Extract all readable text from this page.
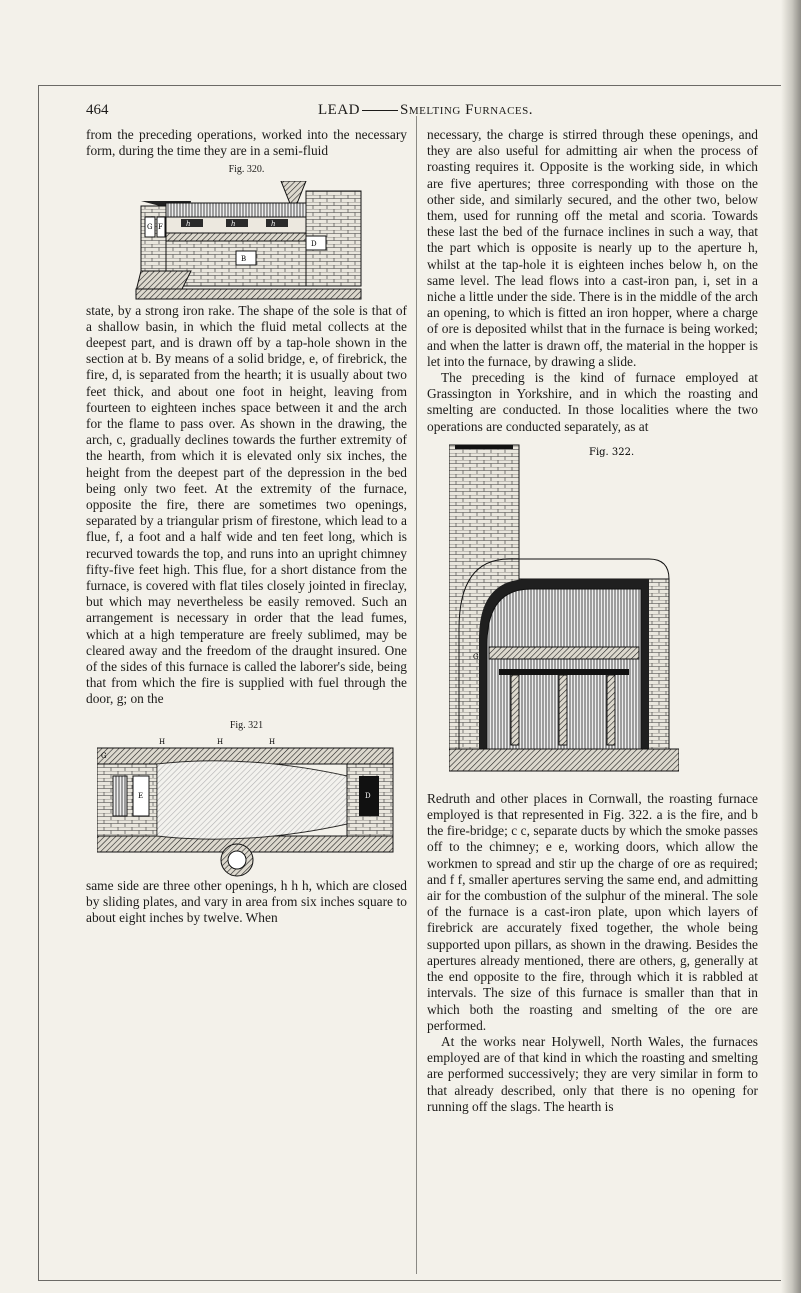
464	LEAD	Smelting Furnaces.

from the preceding operations, worked into the necessary form, during the time they are in a semi-fluid

Fig. 320.
G F	h	h	h
D
B

state, by a strong iron rake. The shape of the sole is that of a shallow basin, in which the fluid metal collects at the deepest part, and is drawn off by a tap-hole shown in the section at b. By means of a solid bridge, e, of firebrick, the fire, d, is separated from the hearth; it is usually about two feet thick, and about one foot in height, leaving from fourteen to eighteen inches space between it and the arch for the flame to pass over. As shown in the drawing, the arch, c, gradually declines towards the further extremity of the hearth, from which it is elevated only six inches, the height from the deepest part of the depression in the bed being only two feet. At the extremity of the furnace, opposite the fire, there are sometimes two openings, separated by a triangular prism of firestone, which lead to a flue, f, a foot and a half wide and ten feet long, which is recurved towards the top, and runs into an upright chimney fifty-five feet high. This flue, for a short distance from the furnace, is covered with flat tiles closely jointed in fireclay, but which may nevertheless be easily removed. Such an arrangement is necessary in order that the lead fumes, which at a high temperature are freely sublimed, may be cleared away and the freedom of the draught insured. One of the sides of this furnace is called the laborer's side, being that from which the fire is supplied with fuel through the door, g; on the

Fig. 321
H	H	H
G
E	D

same side are three other openings, h h h, which are closed by sliding plates, and vary in area from six inches square to about eight inches by twelve. When

necessary, the charge is stirred through these openings, and they are also useful for admitting air when the process of roasting requires it. Opposite is the working side, in which are five apertures; three corresponding with those on the other side, and similarly secured, and the other two, below them, used for running off the metal and scoria. Towards these last the bed of the furnace inclines in such a way, that the part which is opposite is nearly up to the aperture h, whilst at the tap-hole it is eighteen inches below h, on the same level. The lead flows into a cast-iron pan, i, set in a niche a little under the side. There is in the middle of the arch an opening, to which is fitted an iron hopper, where a charge of ore is deposited whilst that in the furnace is being worked; and when the latter is drawn off, the material in the hopper is let into the furnace, by drawing a slide.

The preceding is the kind of furnace employed at Grassington in Yorkshire, and in which the roasting and smelting are conducted. In those localities where the two operations are conducted separately, as at

G
Fig. 322.

Redruth and other places in Cornwall, the roasting furnace employed is that represented in Fig. 322. a is the fire, and b the fire-bridge; c c, separate ducts by which the smoke passes off to the chimney; e e, working doors, which allow the workmen to spread and stir up the charge of ore as required; and f f, smaller apertures serving the same end, and admitting air for the combustion of the sulphur of the mineral. The sole of the furnace is a cast-iron plate, upon which layers of firebrick are accurately fixed together, the whole being supported upon pillars, as shown in the drawing. Besides the apertures already mentioned, there are others, g, generally at the end opposite to the fire, through which it is rabbled at intervals. The size of this furnace is smaller than that in which both the roasting and smelting of the ore are performed.

At the works near Holywell, North Wales, the furnaces employed are of that kind in which the roasting and smelting are performed successively; they are very similar in form to that already described, only that there is no opening for running off the slags. The hearth is
